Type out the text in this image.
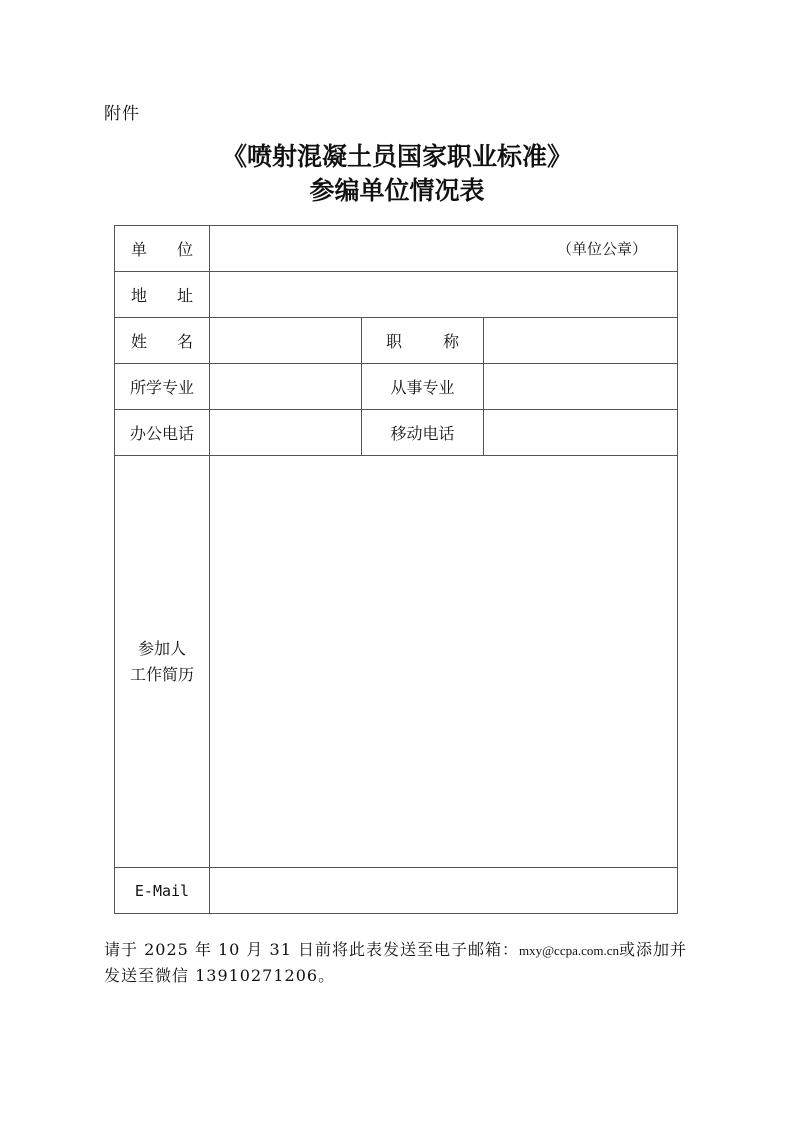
附件
《喷射混凝土员国家职业标准》
参编单位情况表
单 位	（单位公章）		

地 址			

姓 名		职 称	

所学专业		从事专业	
办公电话		移动电话	

参加人
工作简历			

E-Mail			
请于 2025 年 10 月 31 日前将此表发送至电子邮箱：mxy@ccpa.com.cn或添加并发送至微信 13910271206。
